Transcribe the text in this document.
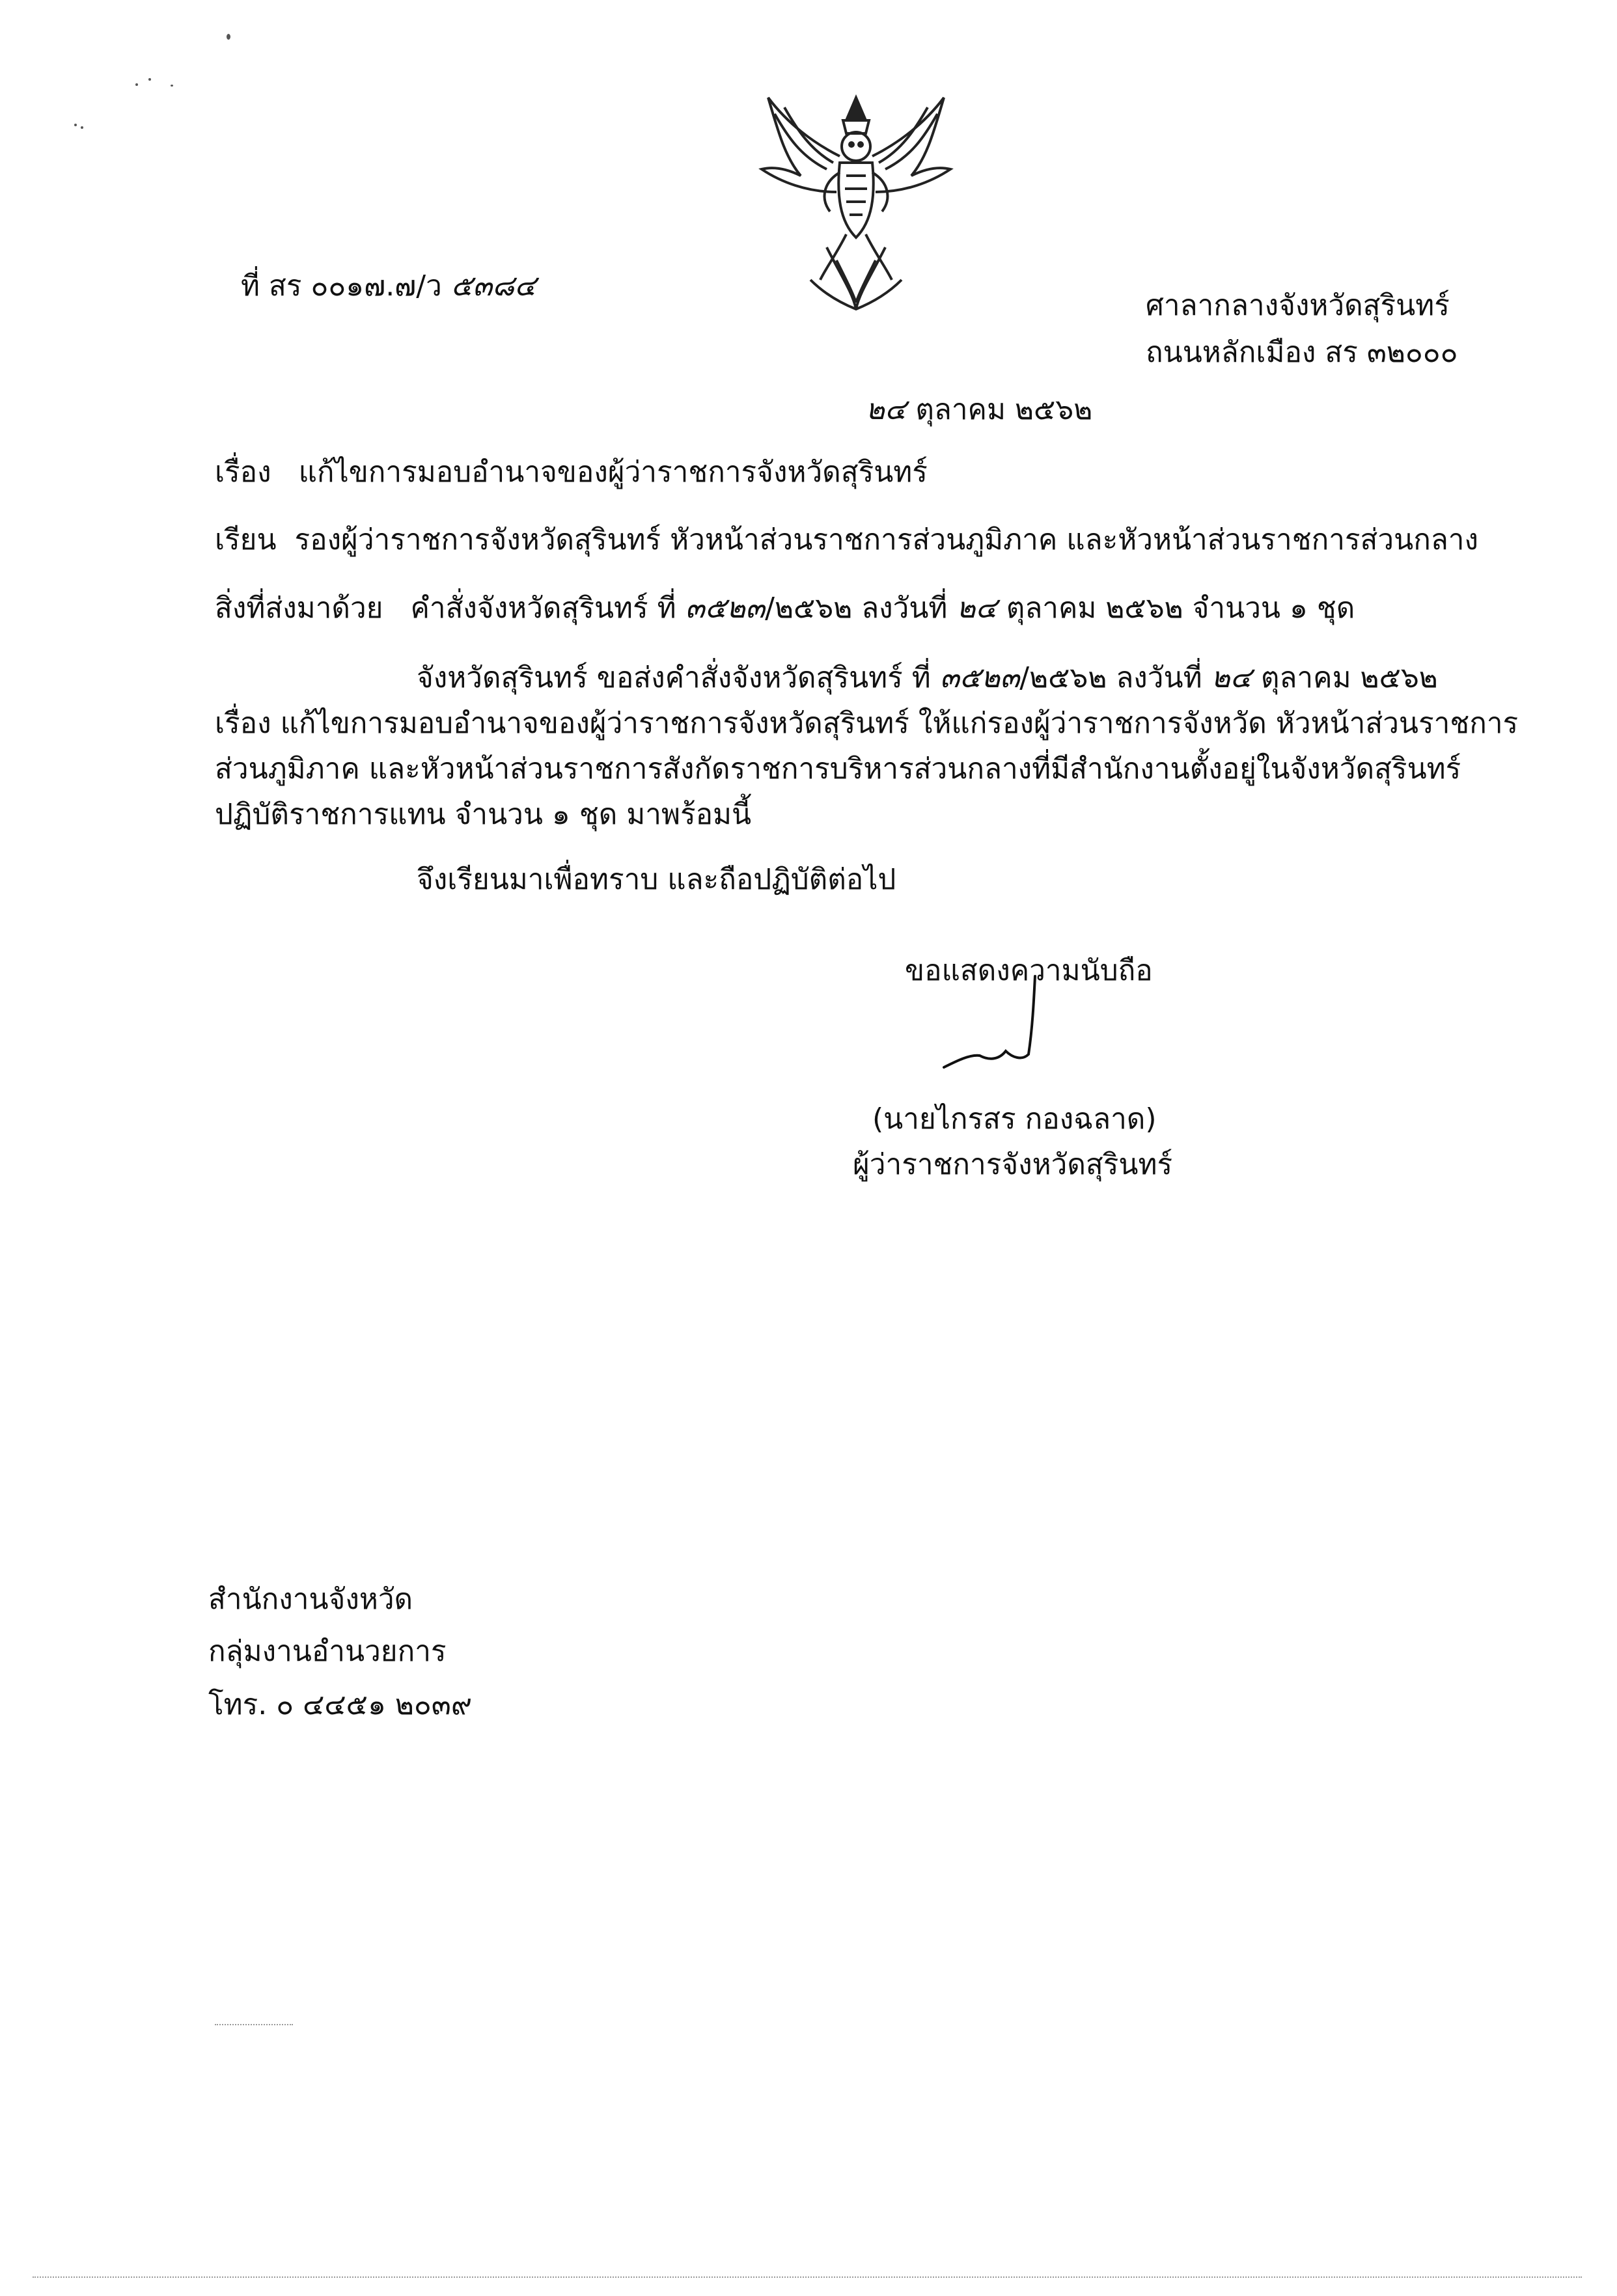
ที่ สร ๐๐๑๗.๗/ว ๕๓๘๔
ศาลากลางจังหวัดสุรินทร์
ถนนหลักเมือง สร ๓๒๐๐๐
๒๔ ตุลาคม ๒๕๖๒
เรื่อง แก้ไขการมอบอำนาจของผู้ว่าราชการจังหวัดสุรินทร์
เรียน รองผู้ว่าราชการจังหวัดสุรินทร์ หัวหน้าส่วนราชการส่วนภูมิภาค และหัวหน้าส่วนราชการส่วนกลาง
สิ่งที่ส่งมาด้วย คำสั่งจังหวัดสุรินทร์ ที่ ๓๕๒๓/๒๕๖๒ ลงวันที่ ๒๔ ตุลาคม ๒๕๖๒ จำนวน ๑ ชุด
จังหวัดสุรินทร์ ขอส่งคำสั่งจังหวัดสุรินทร์ ที่ ๓๕๒๓/๒๕๖๒ ลงวันที่ ๒๔ ตุลาคม ๒๕๖๒
เรื่อง แก้ไขการมอบอำนาจของผู้ว่าราชการจังหวัดสุรินทร์ ให้แก่รองผู้ว่าราชการจังหวัด หัวหน้าส่วนราชการ
ส่วนภูมิภาค และหัวหน้าส่วนราชการสังกัดราชการบริหารส่วนกลางที่มีสำนักงานตั้งอยู่ในจังหวัดสุรินทร์
ปฏิบัติราชการแทน จำนวน ๑ ชุด มาพร้อมนี้
จึงเรียนมาเพื่อทราบ และถือปฏิบัติต่อไป
ขอแสดงความนับถือ
(นายไกรสร กองฉลาด)
ผู้ว่าราชการจังหวัดสุรินทร์
สำนักงานจังหวัด
กลุ่มงานอำนวยการ
โทร. ๐ ๔๔๕๑ ๒๐๓๙
